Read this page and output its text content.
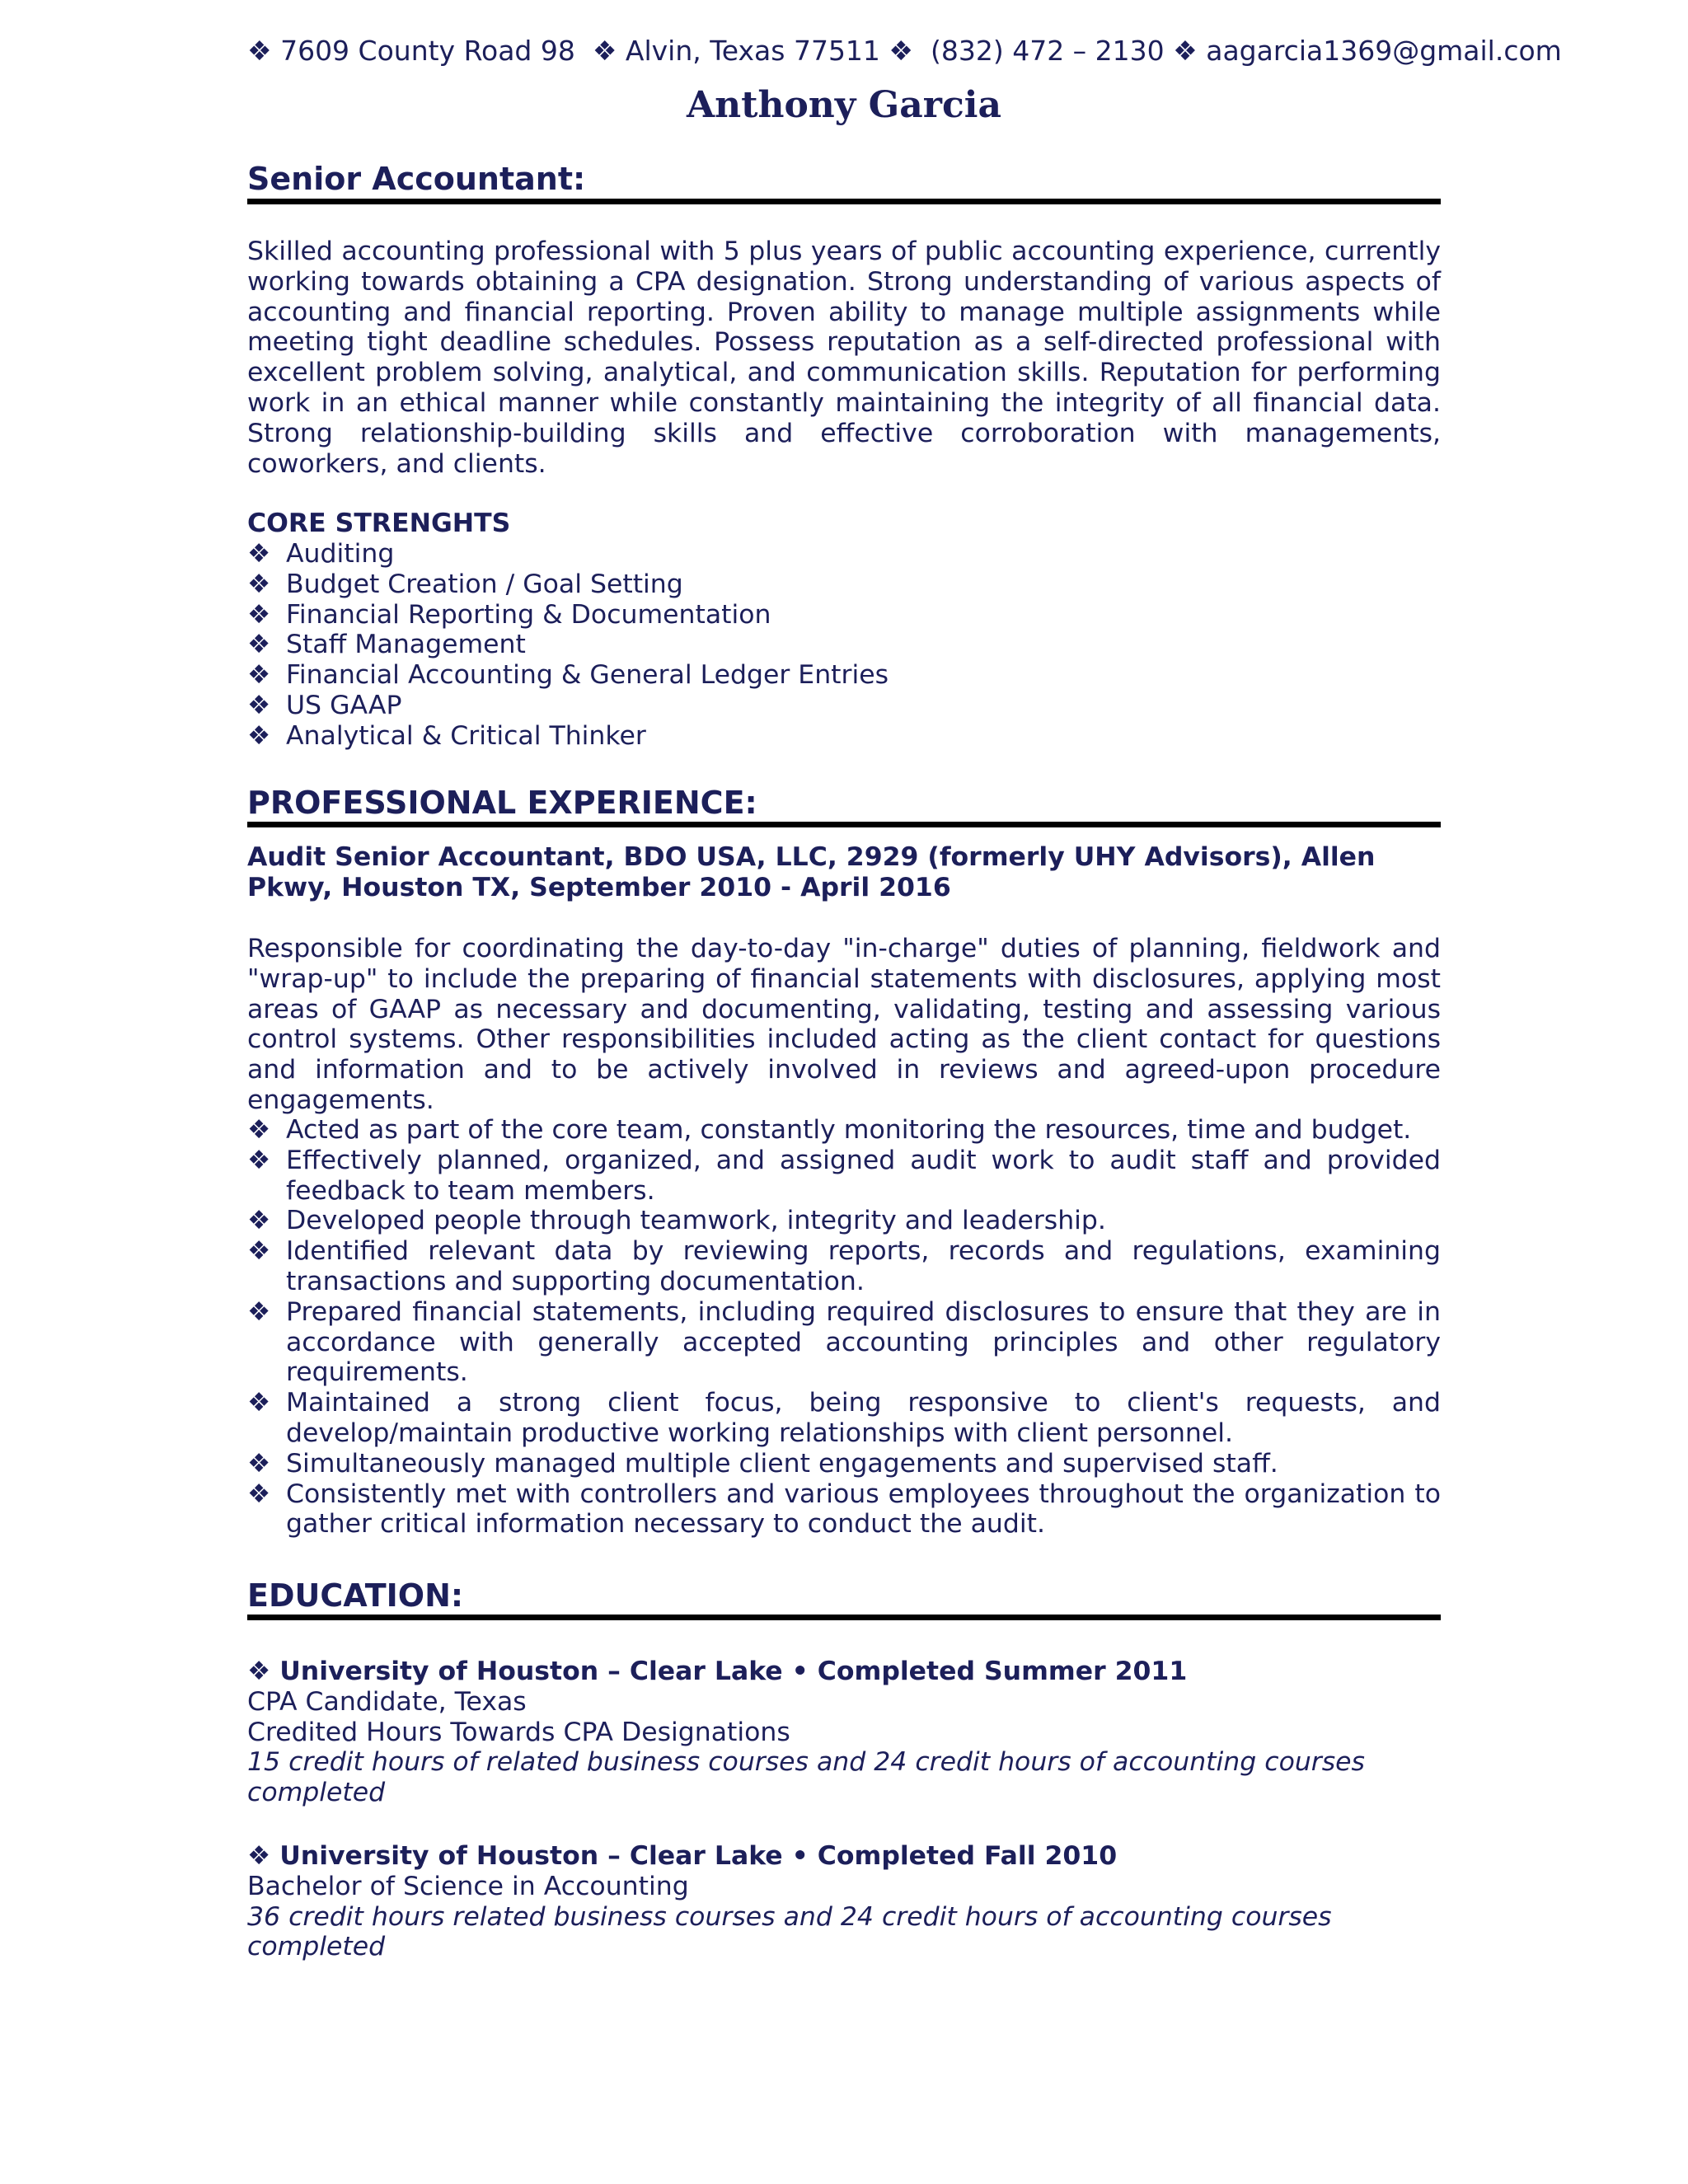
❖ 7609 County Road 98  ❖ Alvin, Texas 77511 ❖  (832) 472 – 2130 ❖ aagarcia1369@gmail.com
Anthony Garcia
Senior Accountant:
Skilled accounting professional with 5 plus years of public accounting experience, currently working towards obtaining a CPA designation. Strong understanding of various aspects of accounting and financial reporting. Proven ability to manage multiple assignments while meeting tight deadline schedules. Possess reputation as a self-directed professional with excellent problem solving, analytical, and communication skills. Reputation for performing work in an ethical manner while constantly maintaining the integrity of all financial data. Strong relationship-building skills and effective corroboration with managements, coworkers, and clients.
CORE STRENGHTS
❖ Auditing
❖ Budget Creation / Goal Setting
❖ Financial Reporting & Documentation
❖ Staff Management
❖ Financial Accounting & General Ledger Entries
❖ US GAAP
❖ Analytical & Critical Thinker
PROFESSIONAL EXPERIENCE:
Audit Senior Accountant, BDO USA, LLC, 2929 (formerly UHY Advisors), Allen Pkwy, Houston TX, September 2010 - April 2016
Responsible for coordinating the day-to-day "in-charge" duties of planning, fieldwork and "wrap-up" to include the preparing of financial statements with disclosures, applying most areas of GAAP as necessary and documenting, validating, testing and assessing various control systems. Other responsibilities included acting as the client contact for questions and information and to be actively involved in reviews and agreed-upon procedure engagements.
❖ Acted as part of the core team, constantly monitoring the resources, time and budget.
❖ Effectively planned, organized, and assigned audit work to audit staff and provided feedback to team members.
❖ Developed people through teamwork, integrity and leadership.
❖ Identified relevant data by reviewing reports, records and regulations, examining transactions and supporting documentation.
❖ Prepared financial statements, including required disclosures to ensure that they are in accordance with generally accepted accounting principles and other regulatory requirements.
❖ Maintained a strong client focus, being responsive to client's requests, and develop/maintain productive working relationships with client personnel.
❖ Simultaneously managed multiple client engagements and supervised staff.
❖ Consistently met with controllers and various employees throughout the organization to gather critical information necessary to conduct the audit.
EDUCATION:
❖ University of Houston – Clear Lake • Completed Summer 2011
CPA Candidate, Texas
Credited Hours Towards CPA Designations
15 credit hours of related business courses and 24 credit hours of accounting courses completed
❖ University of Houston – Clear Lake • Completed Fall 2010
Bachelor of Science in Accounting
36 credit hours related business courses and 24 credit hours of accounting courses completed
